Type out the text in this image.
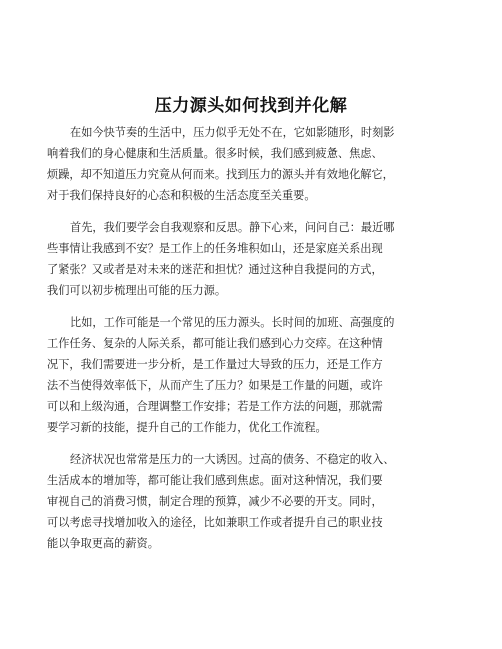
压力源头如何找到并化解
在如今快节奏的生活中，压力似乎无处不在，它如影随形，时刻影
响着我们的身心健康和生活质量。很多时候，我们感到疲惫、焦虑、
烦躁，却不知道压力究竟从何而来。找到压力的源头并有效地化解它，
对于我们保持良好的心态和积极的生活态度至关重要。
首先，我们要学会自我观察和反思。静下心来，问问自己：最近哪
些事情让我感到不安？是工作上的任务堆积如山，还是家庭关系出现
了紧张？又或者是对未来的迷茫和担忧？通过这种自我提问的方式，
我们可以初步梳理出可能的压力源。
比如，工作可能是一个常见的压力源头。长时间的加班、高强度的
工作任务、复杂的人际关系，都可能让我们感到心力交瘁。在这种情
况下，我们需要进一步分析，是工作量过大导致的压力，还是工作方
法不当使得效率低下，从而产生了压力？如果是工作量的问题，或许
可以和上级沟通，合理调整工作安排；若是工作方法的问题，那就需
要学习新的技能，提升自己的工作能力，优化工作流程。
经济状况也常常是压力的一大诱因。过高的债务、不稳定的收入、
生活成本的增加等，都可能让我们感到焦虑。面对这种情况，我们要
审视自己的消费习惯，制定合理的预算，减少不必要的开支。同时，
可以考虑寻找增加收入的途径，比如兼职工作或者提升自己的职业技
能以争取更高的薪资。
